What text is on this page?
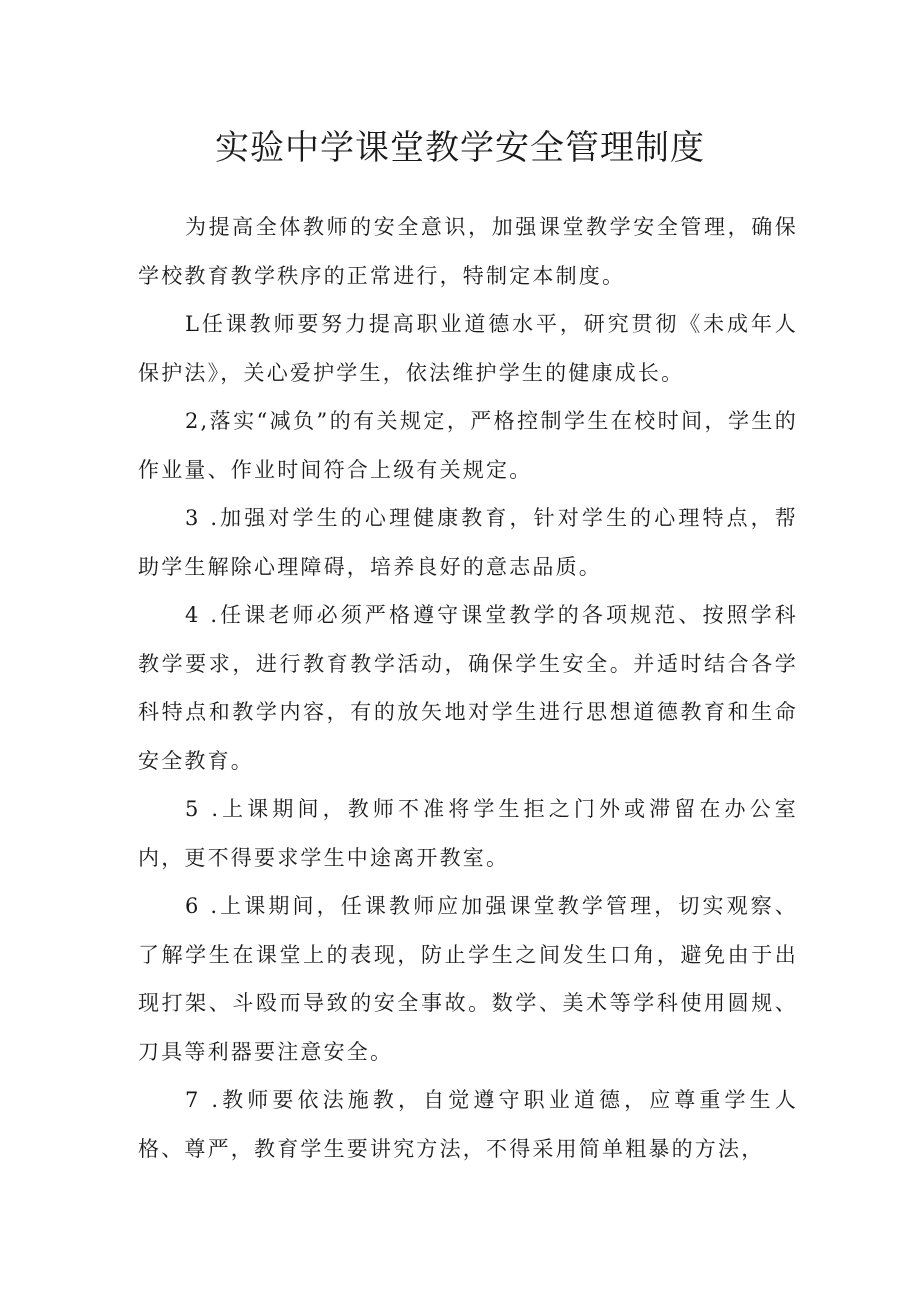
实验中学课堂教学安全管理制度

为提高全体教师的安全意识，加强课堂教学安全管理，确保学校教育教学秩序的正常进行，特制定本制度。

L任课教师要努力提高职业道德水平，研究贯彻《未成年人保护法》，关心爱护学生，依法维护学生的健康成长。

2,落实“减负”的有关规定，严格控制学生在校时间，学生的作业量、作业时间符合上级有关规定。

3 .加强对学生的心理健康教育，针对学生的心理特点，帮助学生解除心理障碍，培养良好的意志品质。

4 .任课老师必须严格遵守课堂教学的各项规范、按照学科教学要求，进行教育教学活动，确保学生安全。并适时结合各学科特点和教学内容，有的放矢地对学生进行思想道德教育和生命安全教育。

5 .上课期间，教师不准将学生拒之门外或滞留在办公室内，更不得要求学生中途离开教室。

6 .上课期间，任课教师应加强课堂教学管理，切实观察、了解学生在课堂上的表现，防止学生之间发生口角，避免由于出现打架、斗殴而导致的安全事故。数学、美术等学科使用圆规、刀具等利器要注意安全。

7 .教师要依法施教，自觉遵守职业道德，应尊重学生人格、尊严，教育学生要讲究方法，不得采用简单粗暴的方法，
